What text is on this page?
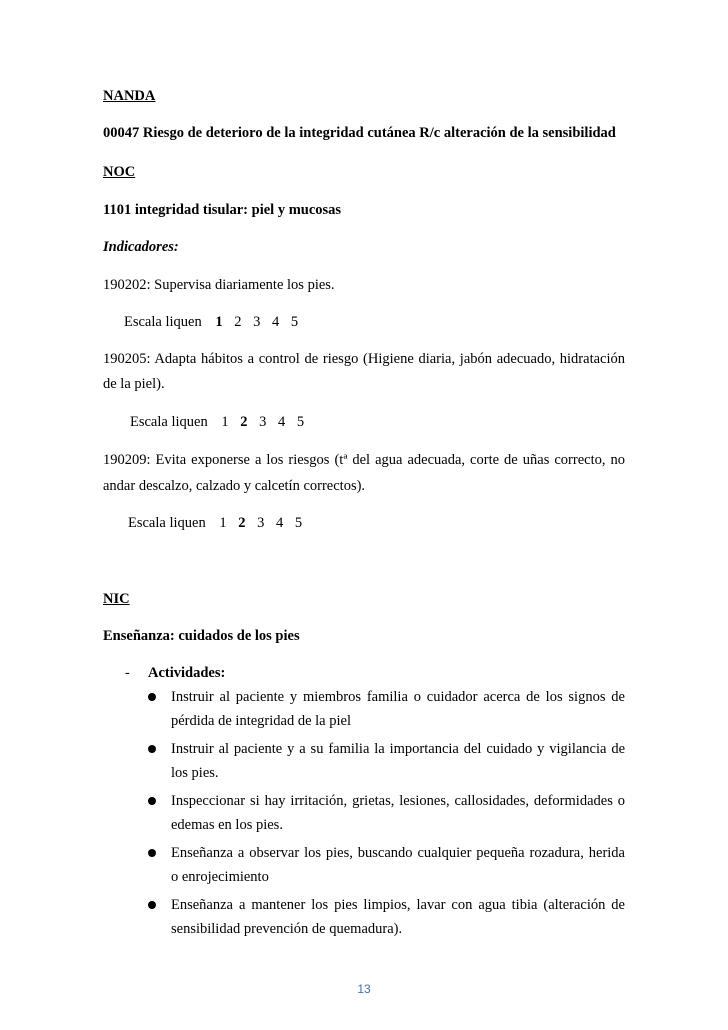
NANDA
00047 Riesgo de deterioro de la integridad cutánea R/c alteración de la sensibilidad
NOC
1101 integridad tisular: piel y mucosas
Indicadores:
190202: Supervisa diariamente los pies.
Escala liquen 1 2 3 4 5
190205: Adapta hábitos a control de riesgo (Higiene diaria, jabón adecuado, hidratación
de la piel).
Escala liquen 1 2 3 4 5
190209: Evita exponerse a los riesgos (tª del agua adecuada, corte de uñas correcto, no
andar descalzo, calzado y calcetín correctos).
Escala liquen 1 2 3 4 5
NIC
Enseñanza: cuidados de los pies
- Actividades:
Instruir al paciente y miembros familia o cuidador acerca de los signos de
pérdida de integridad de la piel
Instruir al paciente y a su familia la importancia del cuidado y vigilancia de
los pies.
Inspeccionar si hay irritación, grietas, lesiones, callosidades, deformidades o
edemas en los pies.
Enseñanza a observar los pies, buscando cualquier pequeña rozadura, herida
o enrojecimiento
Enseñanza a mantener los pies limpios, lavar con agua tibia (alteración de
sensibilidad prevención de quemadura).
13
